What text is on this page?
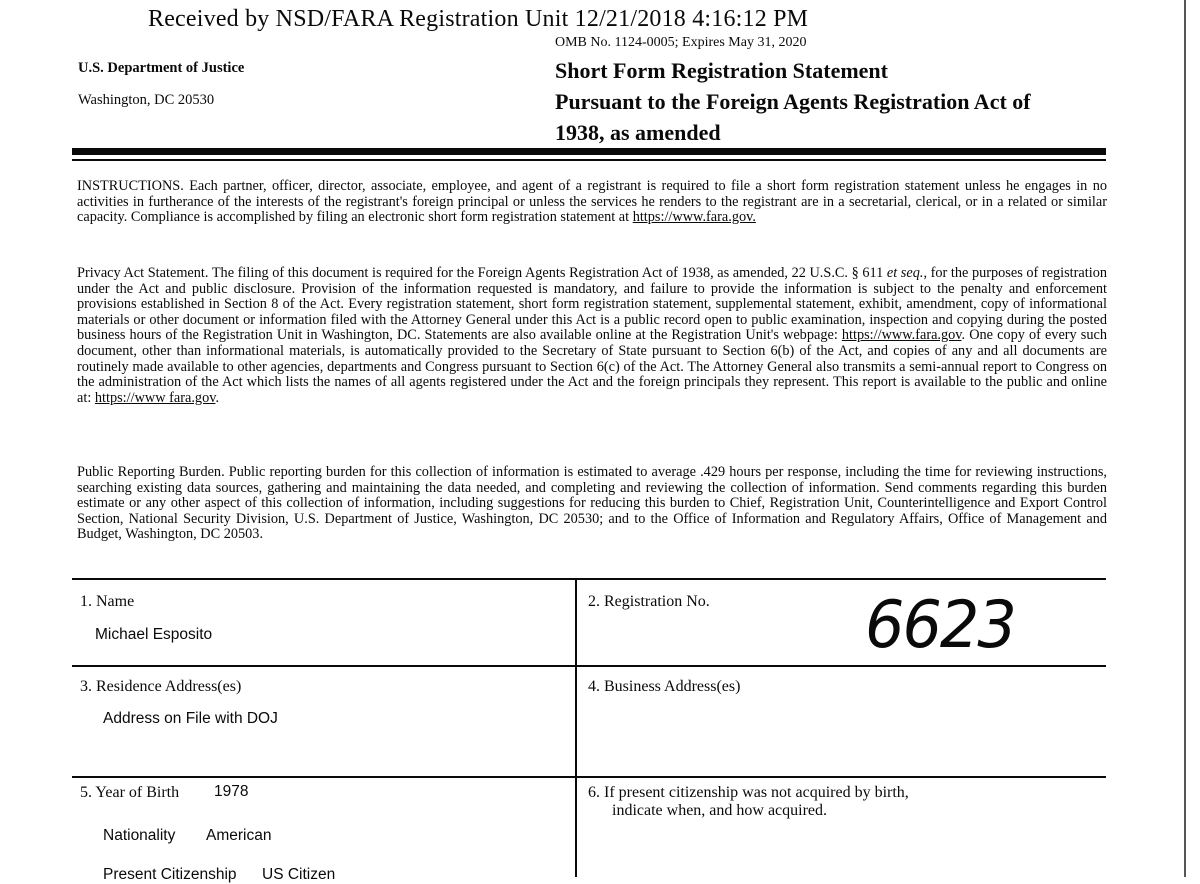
Received by NSD/FARA Registration Unit 12/21/2018 4:16:12 PM
OMB No. 1124-0005; Expires May 31, 2020
U.S. Department of Justice
Washington, DC 20530
Short Form Registration Statement
Pursuant to the Foreign Agents Registration Act of
1938, as amended
INSTRUCTIONS. Each partner, officer, director, associate, employee, and agent of a registrant is required to file a short form registration statement unless he engages in no activities in furtherance of the interests of the registrant's foreign principal or unless the services he renders to the registrant are in a secretarial, clerical, or in a related or similar capacity. Compliance is accomplished by filing an electronic short form registration statement at https://www.fara.gov.
Privacy Act Statement. The filing of this document is required for the Foreign Agents Registration Act of 1938, as amended, 22 U.S.C. § 611 et seq., for the purposes of registration under the Act and public disclosure. Provision of the information requested is mandatory, and failure to provide the information is subject to the penalty and enforcement provisions established in Section 8 of the Act. Every registration statement, short form registration statement, supplemental statement, exhibit, amendment, copy of informational materials or other document or information filed with the Attorney General under this Act is a public record open to public examination, inspection and copying during the posted business hours of the Registration Unit in Washington, DC. Statements are also available online at the Registration Unit's webpage: https://www.fara.gov. One copy of every such document, other than informational materials, is automatically provided to the Secretary of State pursuant to Section 6(b) of the Act, and copies of any and all documents are routinely made available to other agencies, departments and Congress pursuant to Section 6(c) of the Act. The Attorney General also transmits a semi-annual report to Congress on the administration of the Act which lists the names of all agents registered under the Act and the foreign principals they represent. This report is available to the public and online at: https://www fara.gov.
Public Reporting Burden. Public reporting burden for this collection of information is estimated to average .429 hours per response, including the time for reviewing instructions, searching existing data sources, gathering and maintaining the data needed, and completing and reviewing the collection of information. Send comments regarding this burden estimate or any other aspect of this collection of information, including suggestions for reducing this burden to Chief, Registration Unit, Counterintelligence and Export Control Section, National Security Division, U.S. Department of Justice, Washington, DC 20530; and to the Office of Information and Regulatory Affairs, Office of Management and Budget, Washington, DC 20503.
1. Name
Michael Esposito
2. Registration No.	6623
3. Residence Address(es)
Address on File with DOJ
4. Business Address(es)
5. Year of Birth 1978
Nationality American
Present Citizenship US Citizen
6. If present citizenship was not acquired by birth,
indicate when, and how acquired.
